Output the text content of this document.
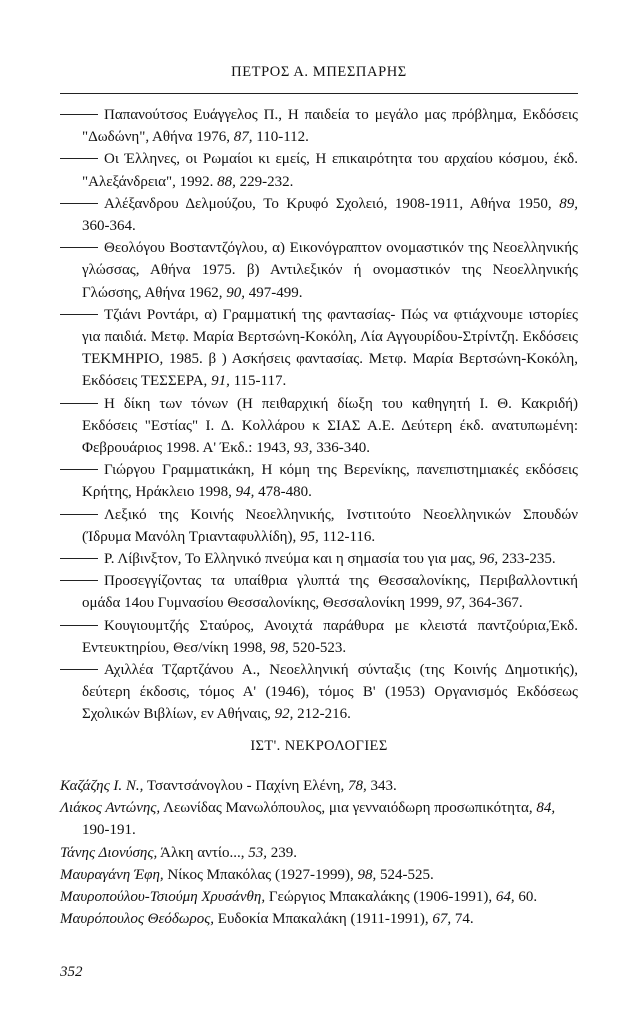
ΠΕΤΡΟΣ Α. ΜΠΕΣΠΑΡΗΣ

Παπανούτσος Ευάγγελος Π., Η παιδεία το μεγάλο μας πρόβλημα, Εκδόσεις "Δωδώνη", Αθήνα 1976, 87, 110-112.

Οι Έλληνες, οι Ρωμαίοι κι εμείς, Η επικαιρότητα του αρχαίου κόσμου, έκδ. "Αλεξάνδρεια", 1992. 88, 229-232.

Αλέξανδρου Δελμούζου, Το Κρυφό Σχολειό, 1908-1911, Αθήνα 1950, 89, 360-364.

Θεολόγου Βοσταντζόγλου, α) Εικονόγραπτον ονομαστικόν της Νεοελληνικής γλώσσας, Αθήνα 1975. β) Αντιλεξικόν ή ονομαστικόν της Νεοελληνικής Γλώσσης, Αθήνα 1962, 90, 497-499.

Τζιάνι Ροντάρι, α) Γραμματική της φαντασίας- Πώς να φτιάχνουμε ιστορίες για παιδιά. Μετφ. Μαρία Βερτσώνη-Κοκόλη, Λία Αγγουρίδου-Στρίντζη. Εκδόσεις ΤΕΚΜΗΡΙΟ, 1985. β ) Ασκήσεις φαντασίας. Μετφ. Μαρία Βερτσώνη-Κοκόλη, Εκδόσεις ΤΕΣΣΕΡΑ, 91, 115-117.

Η δίκη των τόνων (Η πειθαρχική δίωξη του καθηγητή Ι. Θ. Κακριδή) Εκδόσεις "Εστίας" Ι. Δ. Κολλάρου κ ΣΙΑΣ Α.Ε. Δεύτερη έκδ. ανατυπωμένη: Φεβρουάριος 1998. Α' Έκδ.: 1943, 93, 336-340.

Γιώργου Γραμματικάκη, Η κόμη της Βερενίκης, πανεπιστημιακές εκδόσεις Κρήτης, Ηράκλειο 1998, 94, 478-480.

Λεξικό της Κοινής Νεοελληνικής, Ινστιτούτο Νεοελληνικών Σπουδών (Ίδρυμα Μανόλη Τριανταφυλλίδη), 95, 112-116.

Ρ. Λίβινξτον, Το Ελληνικό πνεύμα και η σημασία του για μας, 96, 233-235.

Προσεγγίζοντας τα υπαίθρια γλυπτά της Θεσσαλονίκης, Περιβαλλοντική ομάδα 14ου Γυμνασίου Θεσσαλονίκης, Θεσσαλονίκη 1999, 97, 364-367.

Κουγιουμτζής Σταύρος, Ανοιχτά παράθυρα με κλειστά παντζούρια,Έκδ. Εντευκτηρίου, Θεσ/νίκη 1998, 98, 520-523.

Αχιλλέα Τζαρτζάνου Α., Νεοελληνική σύνταξις (της Κοινής Δημοτικής), δεύτερη έκδοσις, τόμος Α' (1946), τόμος Β' (1953) Οργανισμός Εκδόσεως Σχολικών Βιβλίων, εν Αθήναις, 92, 212-216.

ΙΣΤ'. ΝΕΚΡΟΛΟΓΙΕΣ

Καζάζης Ι. Ν., Τσαντσάνογλου - Παχίνη Ελένη, 78, 343.

Λιάκος Αντώνης, Λεωνίδας Μανωλόπουλος, μια γενναιόδωρη προσωπικότητα, 84, 190-191.

Τάνης Διονύσης, Άλκη αντίο..., 53, 239.

Μαυραγάνη Έφη, Νίκος Μπακόλας (1927-1999), 98, 524-525.

Μαυροπούλου-Τσιούμη Χρυσάνθη, Γεώργιος Μπακαλάκης (1906-1991), 64, 60.

Μαυρόπουλος Θεόδωρος, Ευδοκία Μπακαλάκη (1911-1991), 67, 74.

352
